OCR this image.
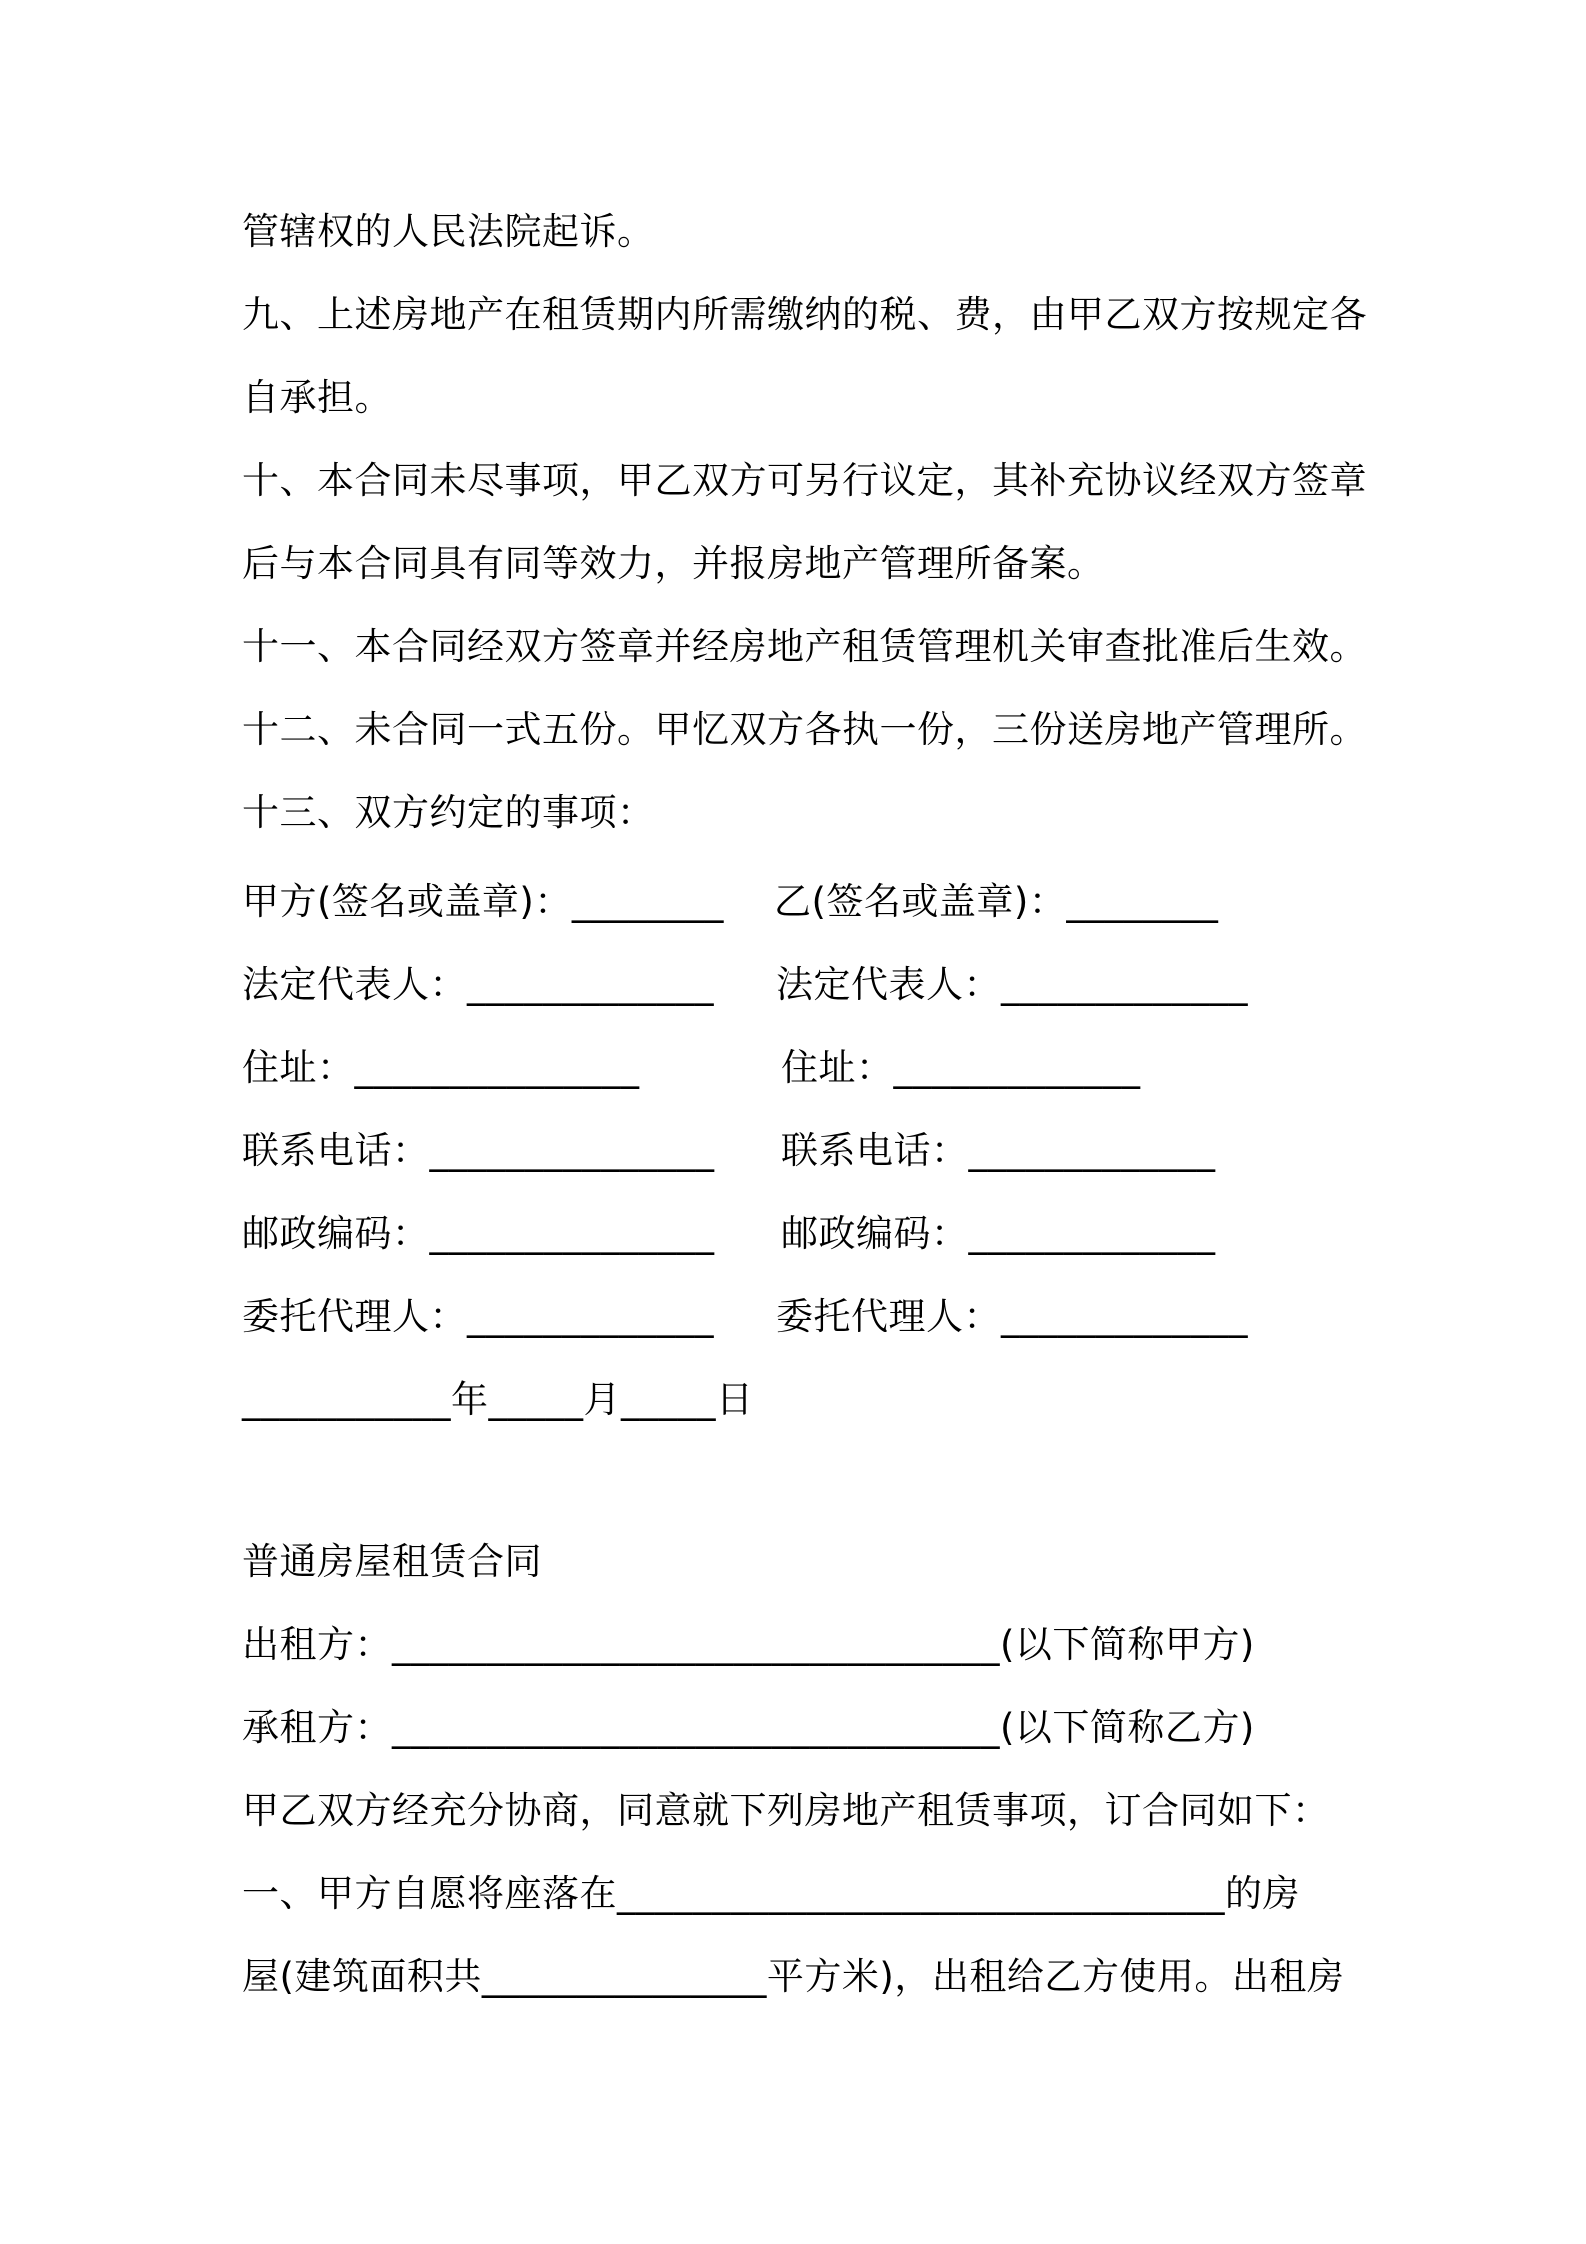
管辖权的人民法院起诉。
九、上述房地产在租赁期内所需缴纳的税、费，由甲乙双方按规定各
自承担。
十、本合同未尽事项，甲乙双方可另行议定，其补充协议经双方签章
后与本合同具有同等效力，并报房地产管理所备案。
十一、本合同经双方签章并经房地产租赁管理机关审查批准后生效。
十二、未合同一式五份。甲忆双方各执一份，三份送房地产管理所。
十三、双方约定的事项：
甲方(签名或盖章)：________ 乙(签名或盖章)：________
法定代表人：_____________ 法定代表人：_____________
住址：_______________	住址：_____________
联系电话：_______________ 联系电话：_____________
邮政编码：_______________ 邮政编码：_____________
委托代理人：_____________ 委托代理人：_____________
___________年_____月_____日
普通房屋租赁合同
出租方：________________________________(以下简称甲方)
承租方：________________________________(以下简称乙方)
甲乙双方经充分协商，同意就下列房地产租赁事项，订合同如下：
一、甲方自愿将座落在________________________________的房
屋(建筑面积共_______________平方米)，出租给乙方使用。出租房
